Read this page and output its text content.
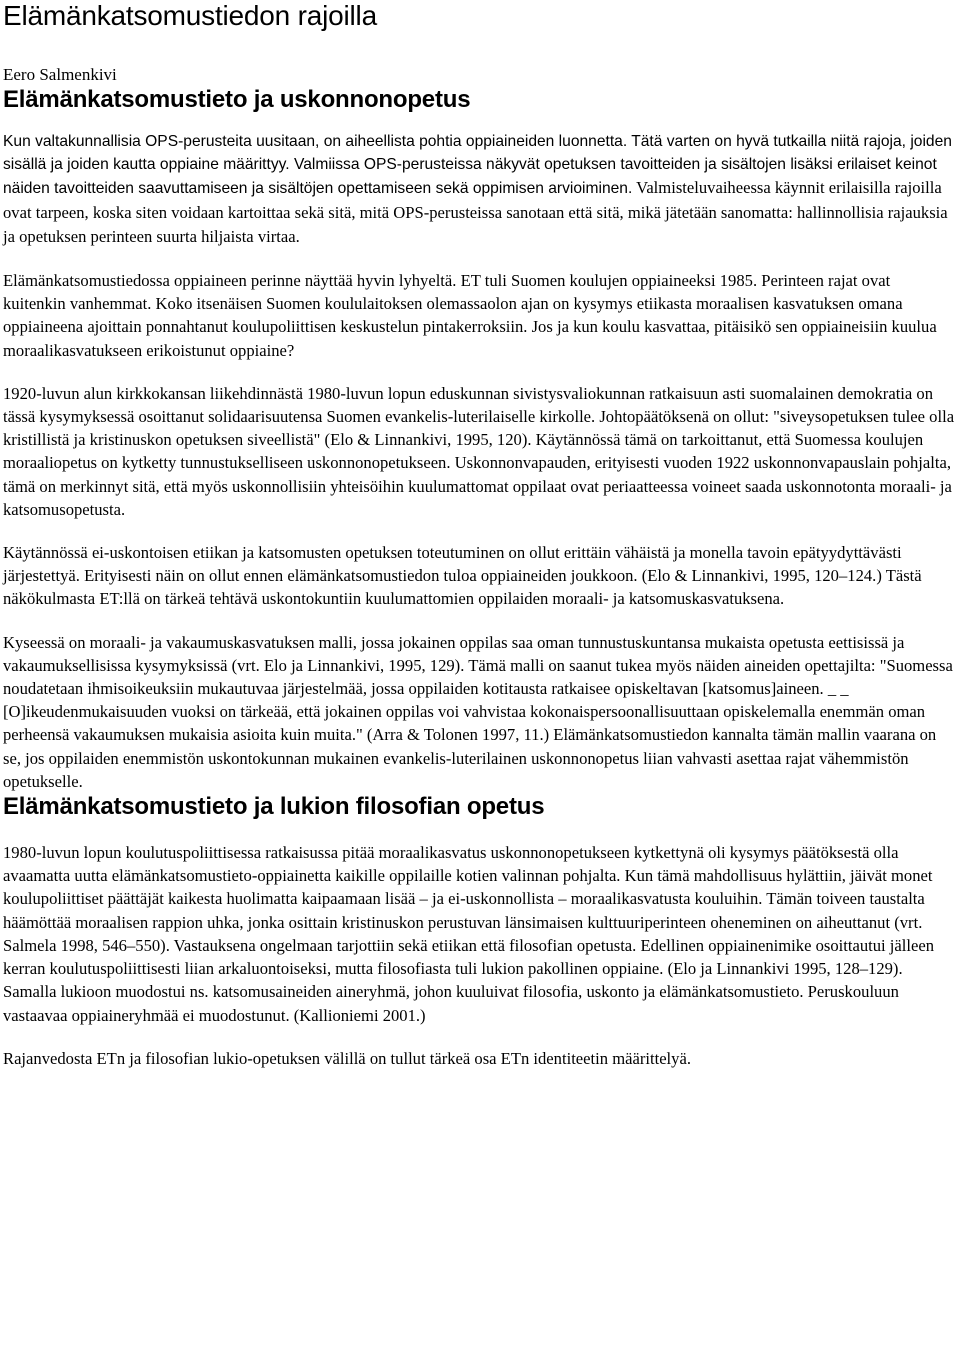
Elämänkatsomustiedon rajoilla
Eero Salmenkivi
Elämänkatsomustieto ja uskonnonopetus

Kun valtakunnallisia OPS-perusteita uusitaan, on aiheellista pohtia oppiaineiden luonnetta. Tätä varten on hyvä tutkailla niitä rajoja, joiden sisällä ja joiden kautta oppiaine määrittyy. Valmiissa OPS-perusteissa näkyvät opetuksen tavoitteiden ja sisältojen lisäksi erilaiset keinot näiden tavoitteiden saavuttamiseen ja sisältöjen opettamiseen sekä oppimisen arvioiminen. Valmisteluvaiheessa käynnit erilaisilla rajoilla ovat tarpeen, koska siten voidaan kartoittaa sekä sitä, mitä OPS-perusteissa sanotaan että sitä, mikä jätetään sanomatta: hallinnollisia rajauksia ja opetuksen perinteen suurta hiljaista virtaa.

Elämänkatsomustiedossa oppiaineen perinne näyttää hyvin lyhyeltä. ET tuli Suomen koulujen oppiaineeksi 1985. Perinteen rajat ovat kuitenkin vanhemmat. Koko itsenäisen Suomen koululaitoksen olemassaolon ajan on kysymys etiikasta moraalisen kasvatuksen omana oppiaineena ajoittain ponnahtanut koulupoliittisen keskustelun pintakerroksiin. Jos ja kun koulu kasvattaa, pitäisikö sen oppiaineisiin kuulua moraalikasvatukseen erikoistunut oppiaine?

1920-luvun alun kirkkokansan liikehdinnästä 1980-luvun lopun eduskunnan sivistysvaliokunnan ratkaisuun asti suomalainen demokratia on tässä kysymyksessä osoittanut solidaarisuutensa Suomen evankelis-luterilaiselle kirkolle. Johtopäätöksenä on ollut: "siveysopetuksen tulee olla kristillistä ja kristinuskon opetuksen siveellistä" (Elo & Linnankivi, 1995, 120). Käytännössä tämä on tarkoittanut, että Suomessa koulujen moraaliopetus on kytketty tunnustukselliseen uskonnonopetukseen. Uskonnonvapauden, erityisesti vuoden 1922 uskonnonvapauslain pohjalta, tämä on merkinnyt sitä, että myös uskonnollisiin yhteisöihin kuulumattomat oppilaat ovat periaatteessa voineet saada uskonnotonta moraali- ja katsomusopetusta.

Käytännössä ei-uskontoisen etiikan ja katsomusten opetuksen toteutuminen on ollut erittäin vähäistä ja monella tavoin epätyydyttävästi järjestettyä. Erityisesti näin on ollut ennen elämänkatsomustiedon tuloa oppiaineiden joukkoon. (Elo & Linnankivi, 1995, 120–124.) Tästä näkökulmasta ET:llä on tärkeä tehtävä uskontokuntiin kuulumattomien oppilaiden moraali- ja katsomuskasvatuksena.

Kyseessä on moraali- ja vakaumuskasvatuksen malli, jossa jokainen oppilas saa oman tunnustuskuntansa mukaista opetusta eettisissä ja vakaumuksellisissa kysymyksissä (vrt. Elo ja Linnankivi, 1995, 129). Tämä malli on saanut tukea myös näiden aineiden opettajilta: "Suomessa noudatetaan ihmisoikeuksiin mukautuvaa järjestelmää, jossa oppilaiden kotitausta ratkaisee opiskeltavan [katsomus]aineen. _ _ [O]ikeudenmukaisuuden vuoksi on tärkeää, että jokainen oppilas voi vahvistaa kokonaispersoonallisuuttaan opiskelemalla enemmän oman perheensä vakaumuksen mukaisia asioita kuin muita." (Arra & Tolonen 1997, 11.) Elämänkatsomustiedon kannalta tämän mallin vaarana on se, jos oppilaiden enemmistön uskontokunnan mukainen evankelis-luterilainen uskonnonopetus liian vahvasti asettaa rajat vähemmistön opetukselle.

Elämänkatsomustieto ja lukion filosofian opetus

1980-luvun lopun koulutuspoliittisessa ratkaisussa pitää moraalikasvatus uskonnonopetukseen kytkettynä oli kysymys päätöksestä olla avaamatta uutta elämänkatsomustieto-oppiainetta kaikille oppilaille kotien valinnan pohjalta. Kun tämä mahdollisuus hylättiin, jäivät monet koulupoliittiset päättäjät kaikesta huolimatta kaipaamaan lisää – ja ei-uskonnollista – moraalikasvatusta kouluihin. Tämän toiveen taustalta häämöttää moraalisen rappion uhka, jonka osittain kristinuskon perustuvan länsimaisen kulttuuriperinteen oheneminen on aiheuttanut (vrt. Salmela 1998, 546–550). Vastauksena ongelmaan tarjottiin sekä etiikan että filosofian opetusta. Edellinen oppiainenimike osoittautui jälleen kerran koulutuspoliittisesti liian arkaluontoiseksi, mutta filosofiasta tuli lukion pakollinen oppiaine. (Elo ja Linnankivi 1995, 128–129). Samalla lukioon muodostui ns. katsomusaineiden aineryhmä, johon kuuluivat filosofia, uskonto ja elämänkatsomustieto. Peruskouluun vastaavaa oppiaineryhmää ei muodostunut. (Kallioniemi 2001.)

Rajanvedosta ETn ja filosofian lukio-opetuksen välillä on tullut tärkeä osa ETn identiteetin määrittelyä.
